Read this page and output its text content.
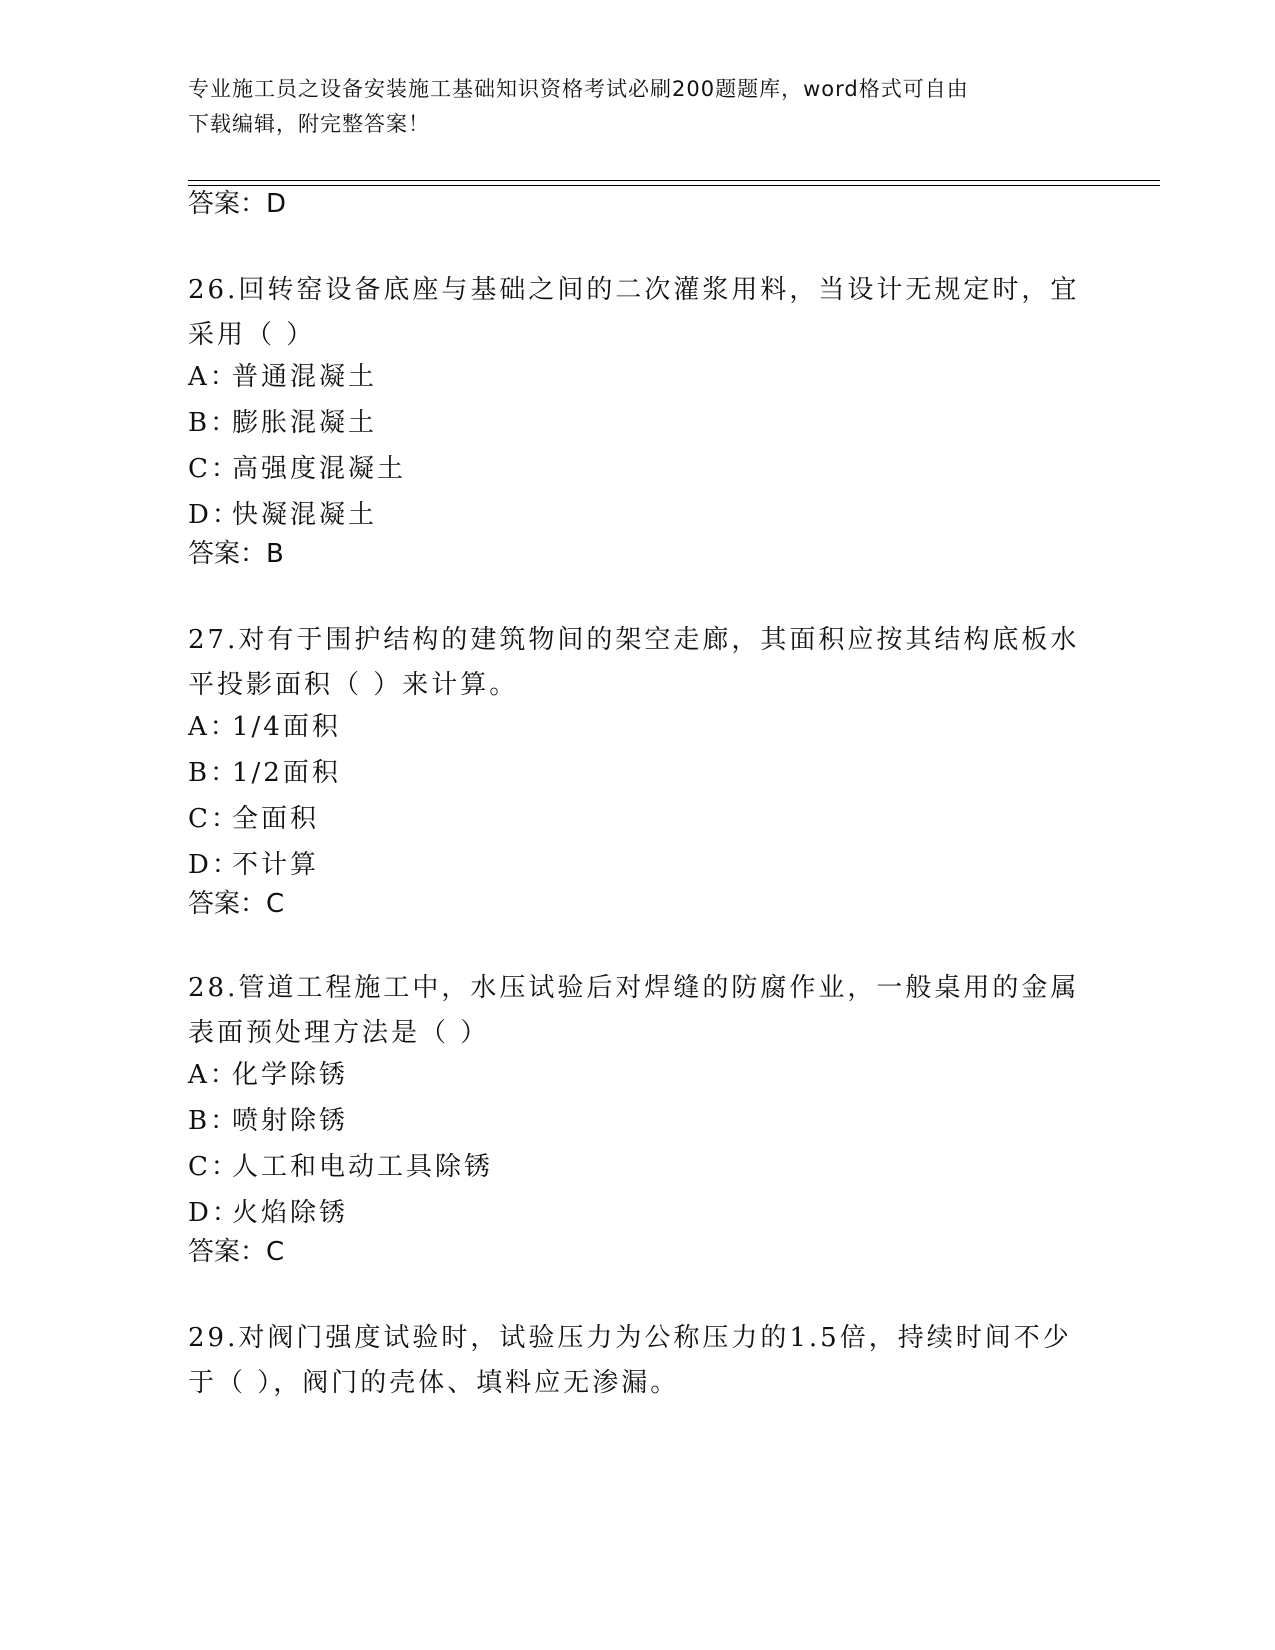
专业施工员之设备安装施工基础知识资格考试必刷200题题库，word格式可自由
下载编辑，附完整答案！
答案：D
26.回转窑设备底座与基础之间的二次灌浆用料，当设计无规定时，宜
采用（ ）
A：普通混凝土
B：膨胀混凝土
C：高强度混凝土
D：快凝混凝土
答案：B
27.对有于围护结构的建筑物间的架空走廊，其面积应按其结构底板水
平投影面积（ ）来计算。
A：1/4面积
B：1/2面积
C：全面积
D：不计算
答案：C
28.管道工程施工中，水压试验后对焊缝的防腐作业，一般桌用的金属
表面预处理方法是（ ）
A：化学除锈
B：喷射除锈
C：人工和电动工具除锈
D：火焰除锈
答案：C
29.对阀门强度试验时，试验压力为公称压力的1.5倍，持续时间不少
于（ ），阀门的壳体、填料应无渗漏。
